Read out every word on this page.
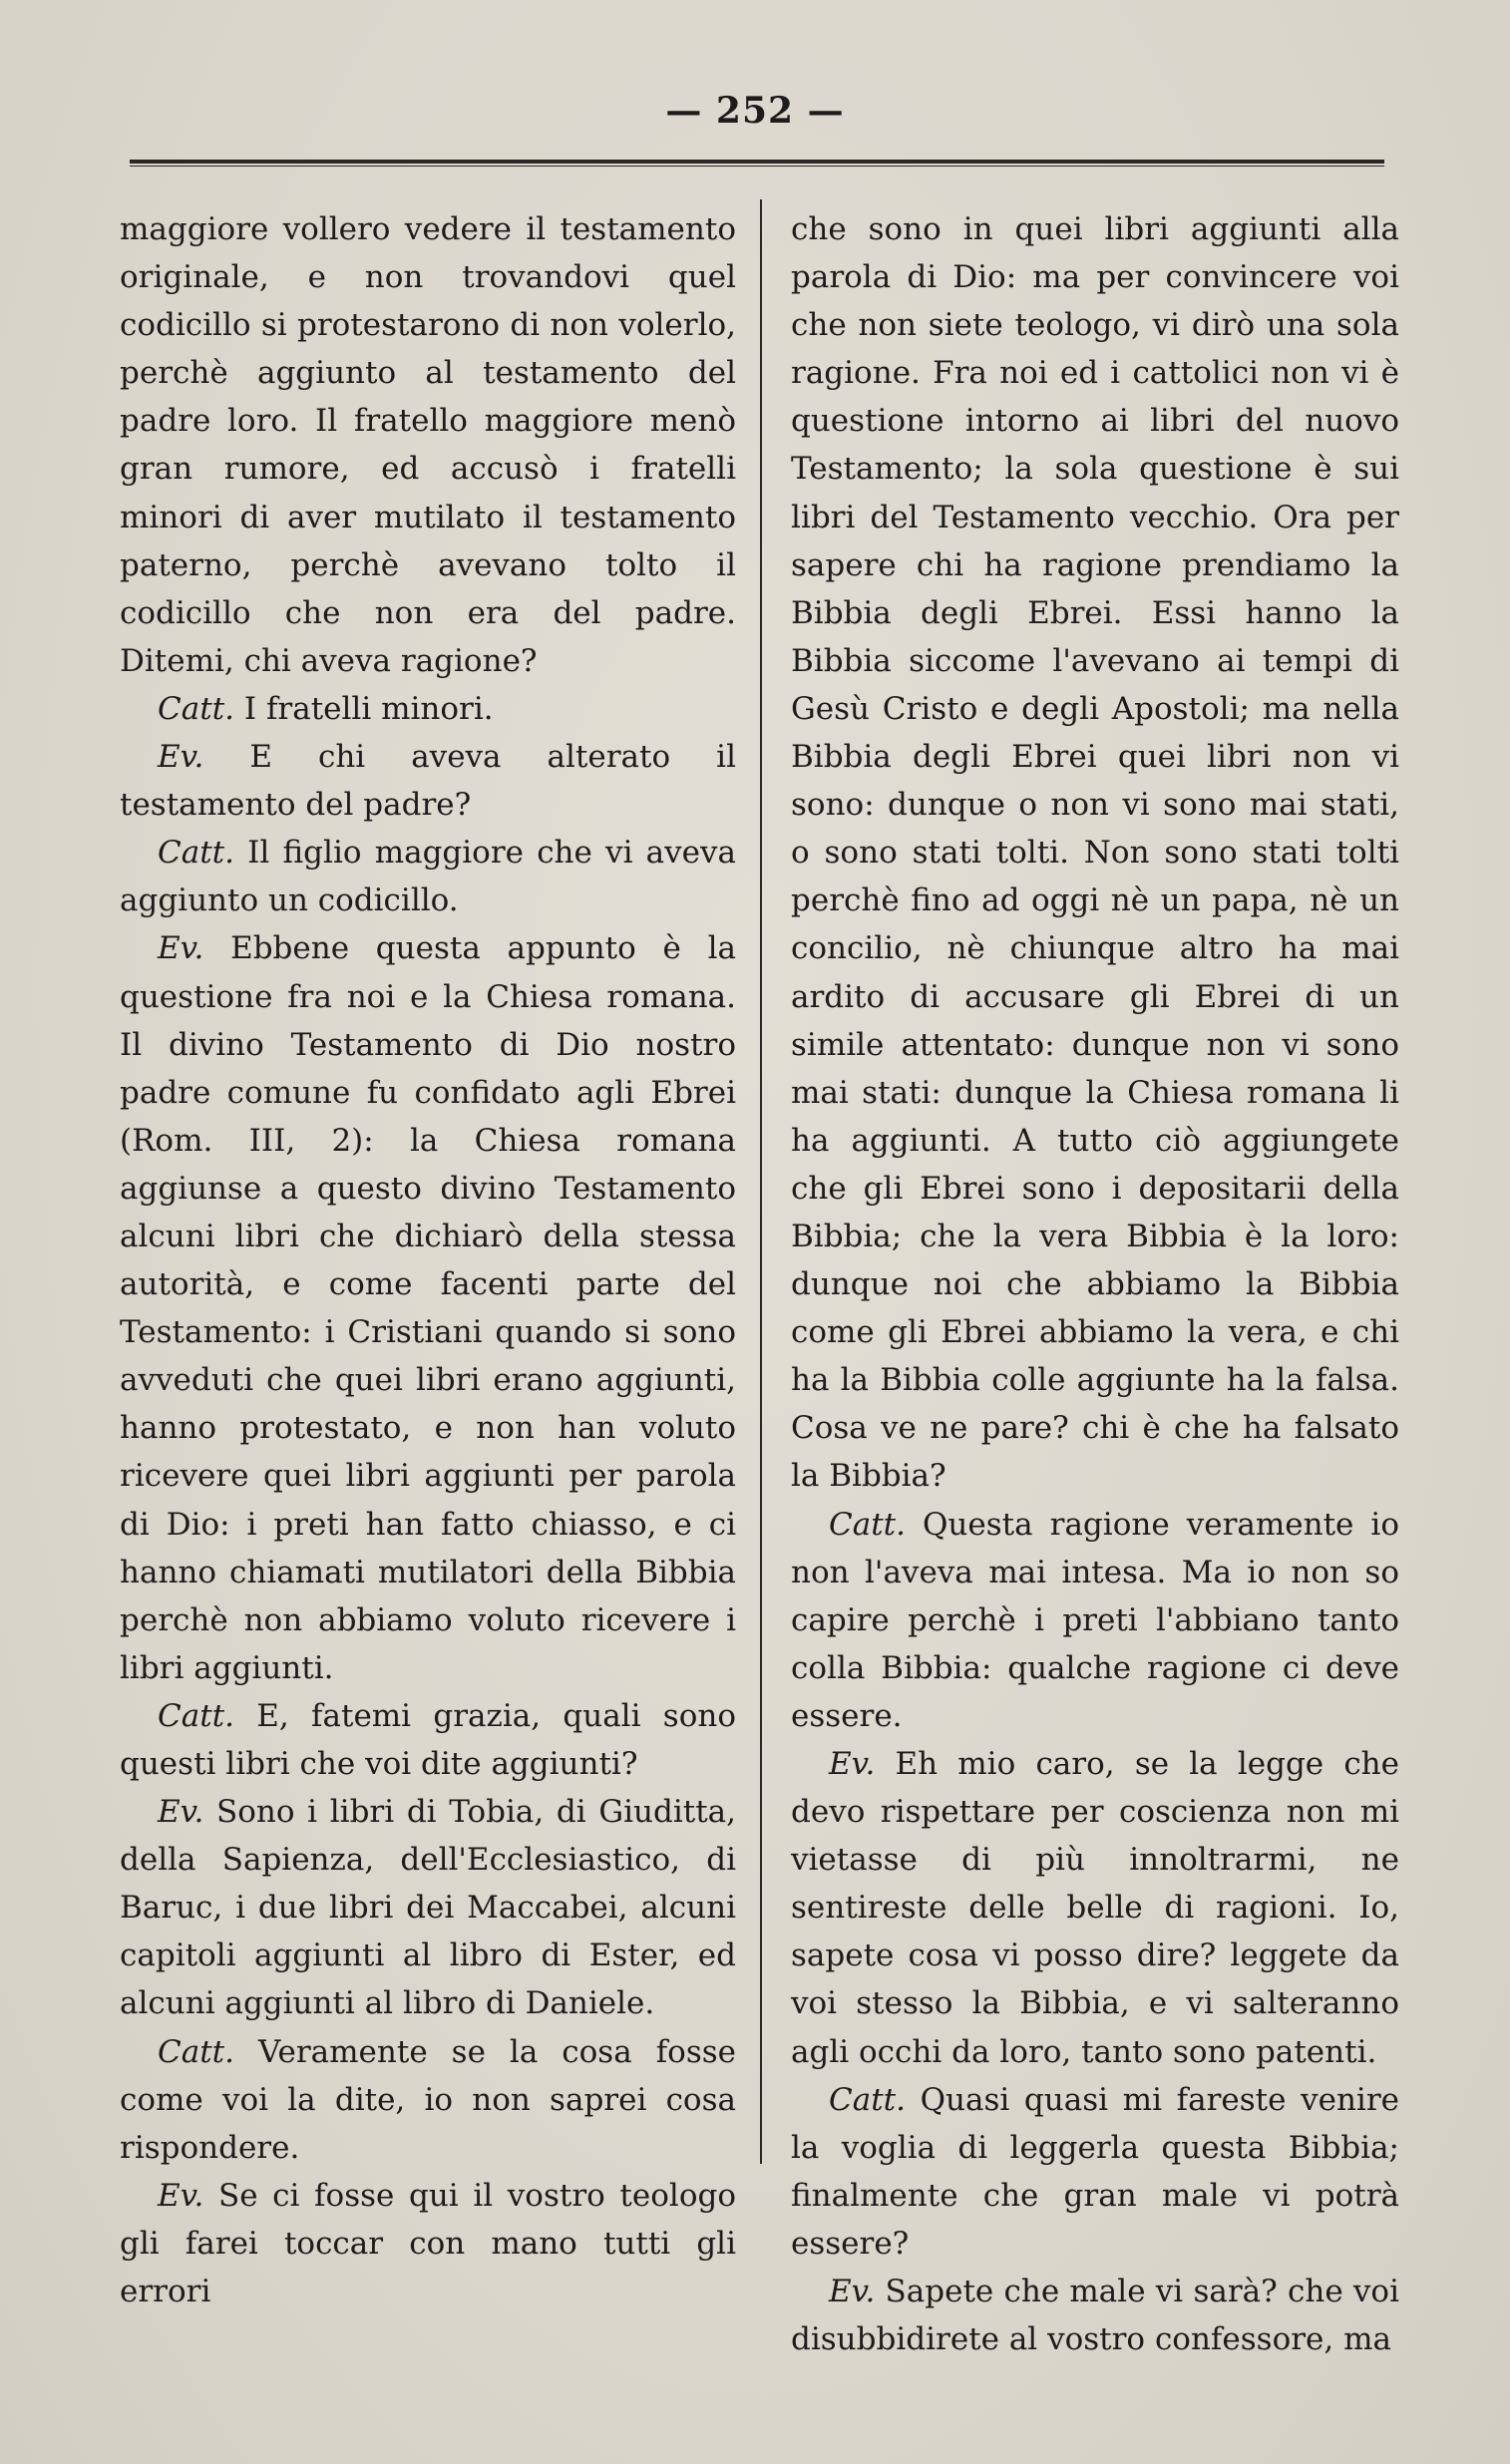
— 252 —

maggiore vollero vedere il testamento originale, e non trovandovi quel codicillo si protestarono di non volerlo, perchè aggiunto al testamento del padre loro. Il fratello maggiore menò gran rumore, ed accusò i fratelli minori di aver mutilato il testamento paterno, perchè avevano tolto il codicillo che non era del padre. Ditemi, chi aveva ragione?

Catt. I fratelli minori.

Ev. E chi aveva alterato il testamento del padre?

Catt. Il figlio maggiore che vi aveva aggiunto un codicillo.

Ev. Ebbene questa appunto è la questione fra noi e la Chiesa romana. Il divino Testamento di Dio nostro padre comune fu confidato agli Ebrei (Rom. III, 2): la Chiesa romana aggiunse a questo divino Testamento alcuni libri che dichiarò della stessa autorità, e come facenti parte del Testamento: i Cristiani quando si sono avveduti che quei libri erano aggiunti, hanno protestato, e non han voluto ricevere quei libri aggiunti per parola di Dio: i preti han fatto chiasso, e ci hanno chiamati mutilatori della Bibbia perchè non abbiamo voluto ricevere i libri aggiunti.

Catt. E, fatemi grazia, quali sono questi libri che voi dite aggiunti?

Ev. Sono i libri di Tobia, di Giuditta, della Sapienza, dell'Ecclesiastico, di Baruc, i due libri dei Maccabei, alcuni capitoli aggiunti al libro di Ester, ed alcuni aggiunti al libro di Daniele.

Catt. Veramente se la cosa fosse come voi la dite, io non saprei cosa rispondere.

Ev. Se ci fosse qui il vostro teologo gli farei toccar con mano tutti gli errori

che sono in quei libri aggiunti alla parola di Dio: ma per convincere voi che non siete teologo, vi dirò una sola ragione. Fra noi ed i cattolici non vi è questione intorno ai libri del nuovo Testamento; la sola questione è sui libri del Testamento vecchio. Ora per sapere chi ha ragione prendiamo la Bibbia degli Ebrei. Essi hanno la Bibbia siccome l'avevano ai tempi di Gesù Cristo e degli Apostoli; ma nella Bibbia degli Ebrei quei libri non vi sono: dunque o non vi sono mai stati, o sono stati tolti. Non sono stati tolti perchè fino ad oggi nè un papa, nè un concilio, nè chiunque altro ha mai ardito di accusare gli Ebrei di un simile attentato: dunque non vi sono mai stati: dunque la Chiesa romana li ha aggiunti. A tutto ciò aggiungete che gli Ebrei sono i depositarii della Bibbia; che la vera Bibbia è la loro: dunque noi che abbiamo la Bibbia come gli Ebrei abbiamo la vera, e chi ha la Bibbia colle aggiunte ha la falsa. Cosa ve ne pare? chi è che ha falsato la Bibbia?

Catt. Questa ragione veramente io non l'aveva mai intesa. Ma io non so capire perchè i preti l'abbiano tanto colla Bibbia: qualche ragione ci deve essere.

Ev. Eh mio caro, se la legge che devo rispettare per coscienza non mi vietasse di più innoltrarmi, ne sentireste delle belle di ragioni. Io, sapete cosa vi posso dire? leggete da voi stesso la Bibbia, e vi salteranno agli occhi da loro, tanto sono patenti.

Catt. Quasi quasi mi fareste venire la voglia di leggerla questa Bibbia; finalmente che gran male vi potrà essere?

Ev. Sapete che male vi sarà? che voi disubbidirete al vostro confessore, ma
